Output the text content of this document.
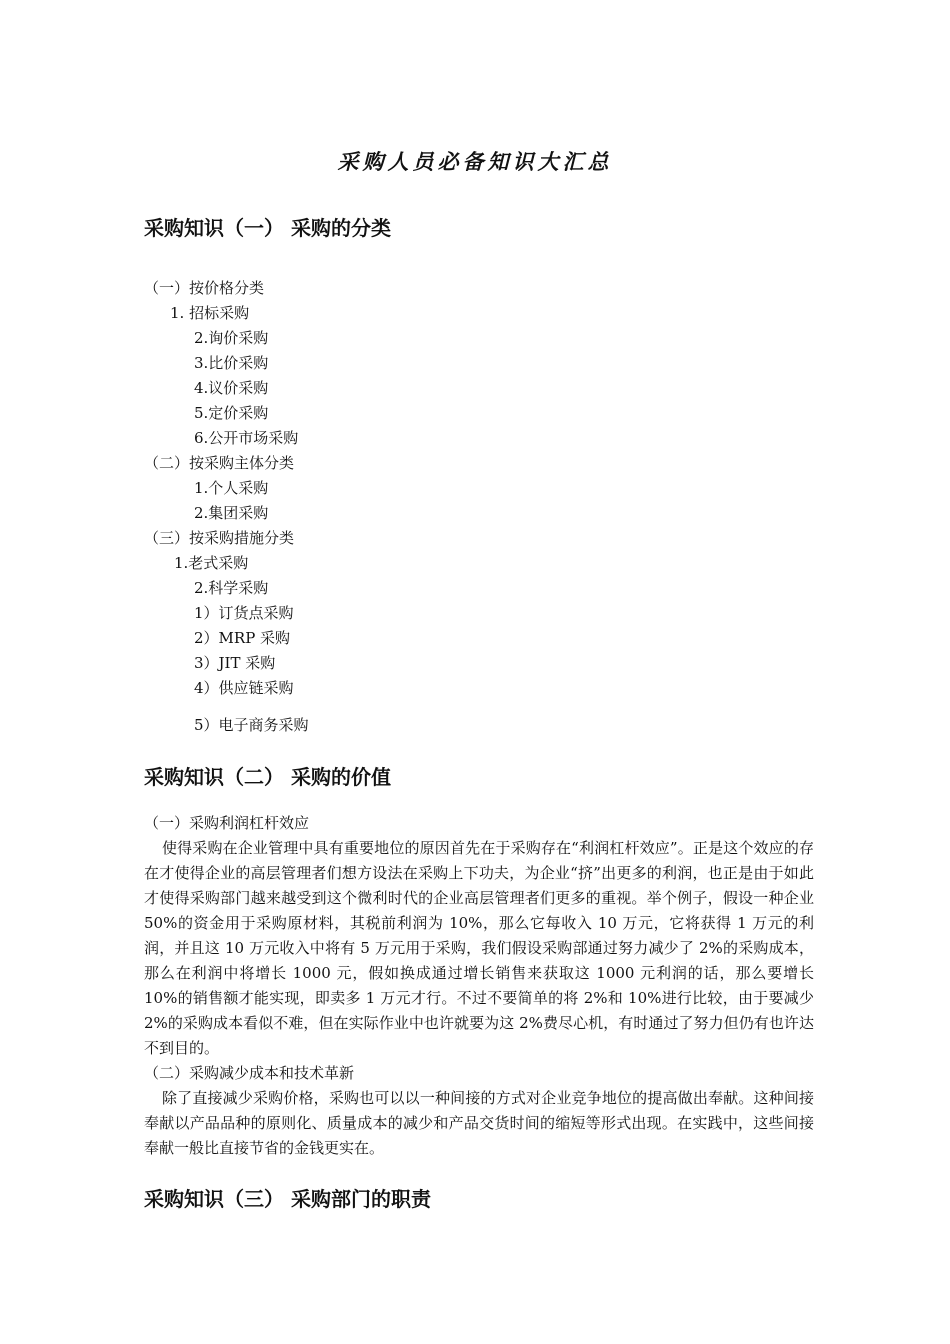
采购人员必备知识大汇总
采购知识（一） 采购的分类
（一）按价格分类
1. 招标采购
2.询价采购
3.比价采购
4.议价采购
5.定价采购
6.公开市场采购
（二）按采购主体分类
1.个人采购
2.集团采购
（三）按采购措施分类
1.老式采购
2.科学采购
1）订货点采购
2）MRP 采购
3）JIT 采购
4）供应链采购
5）电子商务采购
采购知识（二） 采购的价值
（一）采购利润杠杆效应

使得采购在企业管理中具有重要地位的原因首先在于采购存在“利润杠杆效应”。正是这个效应的存在才使得企业的高层管理者们想方设法在采购上下功夫，为企业“挤”出更多的利润，也正是由于如此才使得采购部门越来越受到这个微利时代的企业高层管理者们更多的重视。举个例子，假设一种企业 50%的资金用于采购原材料，其税前利润为 10%，那么它每收入 10 万元，它将获得 1 万元的利润，并且这 10 万元收入中将有 5 万元用于采购，我们假设采购部通过努力减少了 2%的采购成本，那么在利润中将增长 1000 元，假如换成通过增长销售来获取这 1000 元利润的话，那么要增长 10%的销售额才能实现，即卖多 1 万元才行。不过不要简单的将 2%和 10%进行比较，由于要减少 2%的采购成本看似不难，但在实际作业中也许就要为这 2%费尽心机，有时通过了努力但仍有也许达不到目的。

（二）采购减少成本和技术革新

除了直接减少采购价格，采购也可以以一种间接的方式对企业竞争地位的提高做出奉献。这种间接奉献以产品品种的原则化、质量成本的减少和产品交货时间的缩短等形式出现。在实践中，这些间接奉献一般比直接节省的金钱更实在。

采购知识（三） 采购部门的职责
